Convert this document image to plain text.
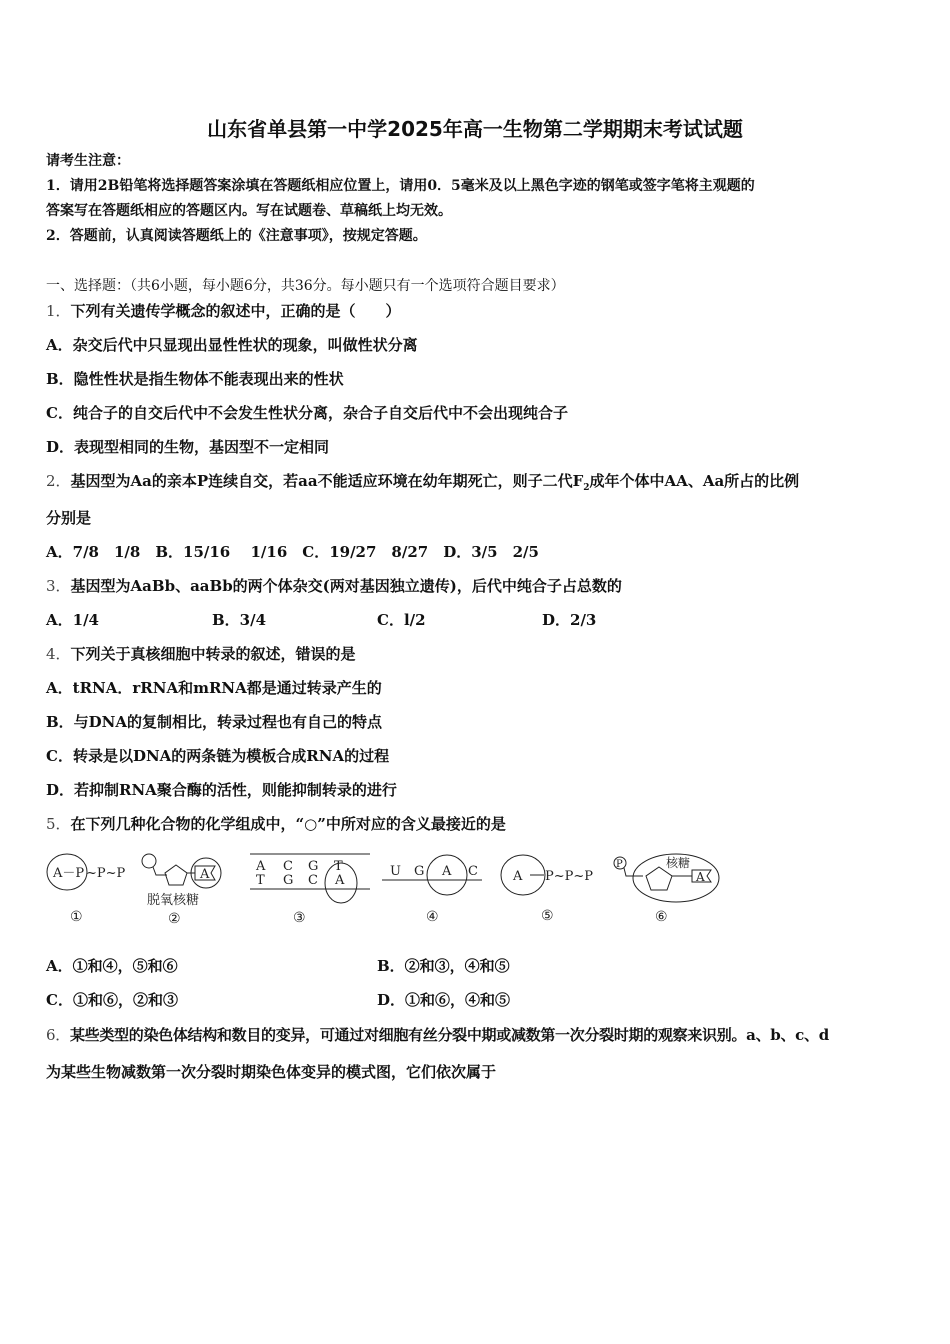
山东省单县第一中学2025年高一生物第二学期期末考试试题
请考生注意：
1．请用2B铅笔将选择题答案涂填在答题纸相应位置上，请用0．5毫米及以上黑色字迹的钢笔或签字笔将主观题的
答案写在答题纸相应的答题区内。写在试题卷、草稿纸上均无效。
2．答题前，认真阅读答题纸上的《注意事项》，按规定答题。
一、选择题：（共6小题，每小题6分，共36分。每小题只有一个选项符合题目要求）
1．下列有关遗传学概念的叙述中，正确的是（　　）
A．杂交后代中只显现出显性性状的现象，叫做性状分离
B．隐性性状是指生物体不能表现出来的性状
C．纯合子的自交后代中不会发生性状分离，杂合子自交后代中不会出现纯合子
D．表现型相同的生物，基因型不一定相同
2．基因型为Aa的亲本P连续自交，若aa不能适应环境在幼年期死亡，则子二代$F_2$成年个体中AA、Aa所占的比例
分别是
A．7/8　1/8　B．15/16　 1/16　C．19/27　8/27　D．3/5　2/5
3．基因型为AaBb、aaBb的两个体杂交(两对基因独立遗传)，后代中纯合子占总数的
A．1/4	B．3/4	C．l/2	D．2/3
4．下列关于真核细胞中转录的叙述，错误的是
A．tRNA．rRNA和mRNA都是通过转录产生的
B．与DNA的复制相比，转录过程也有自己的特点
C．转录是以DNA的两条链为模板合成RNA的过程
D．若抑制RNA聚合酶的活性，则能抑制转录的进行
5．在下列几种化合物的化学组成中，“○”中所对应的含义最接近的是
A－P ~P~P
①
A
脱氧核糖
②
A C G T
T G C A
③
U G A C
④
A P~P~P
⑤
P
A
核糖
⑥
A．①和④，⑤和⑥	B．②和③，④和⑤
C．①和⑥，②和③	D．①和⑥，④和⑤
6．某些类型的染色体结构和数目的变异，可通过对细胞有丝分裂中期或减数第一次分裂时期的观察来识别。a、b、c、d
为某些生物减数第一次分裂时期染色体变异的模式图，它们依次属于
